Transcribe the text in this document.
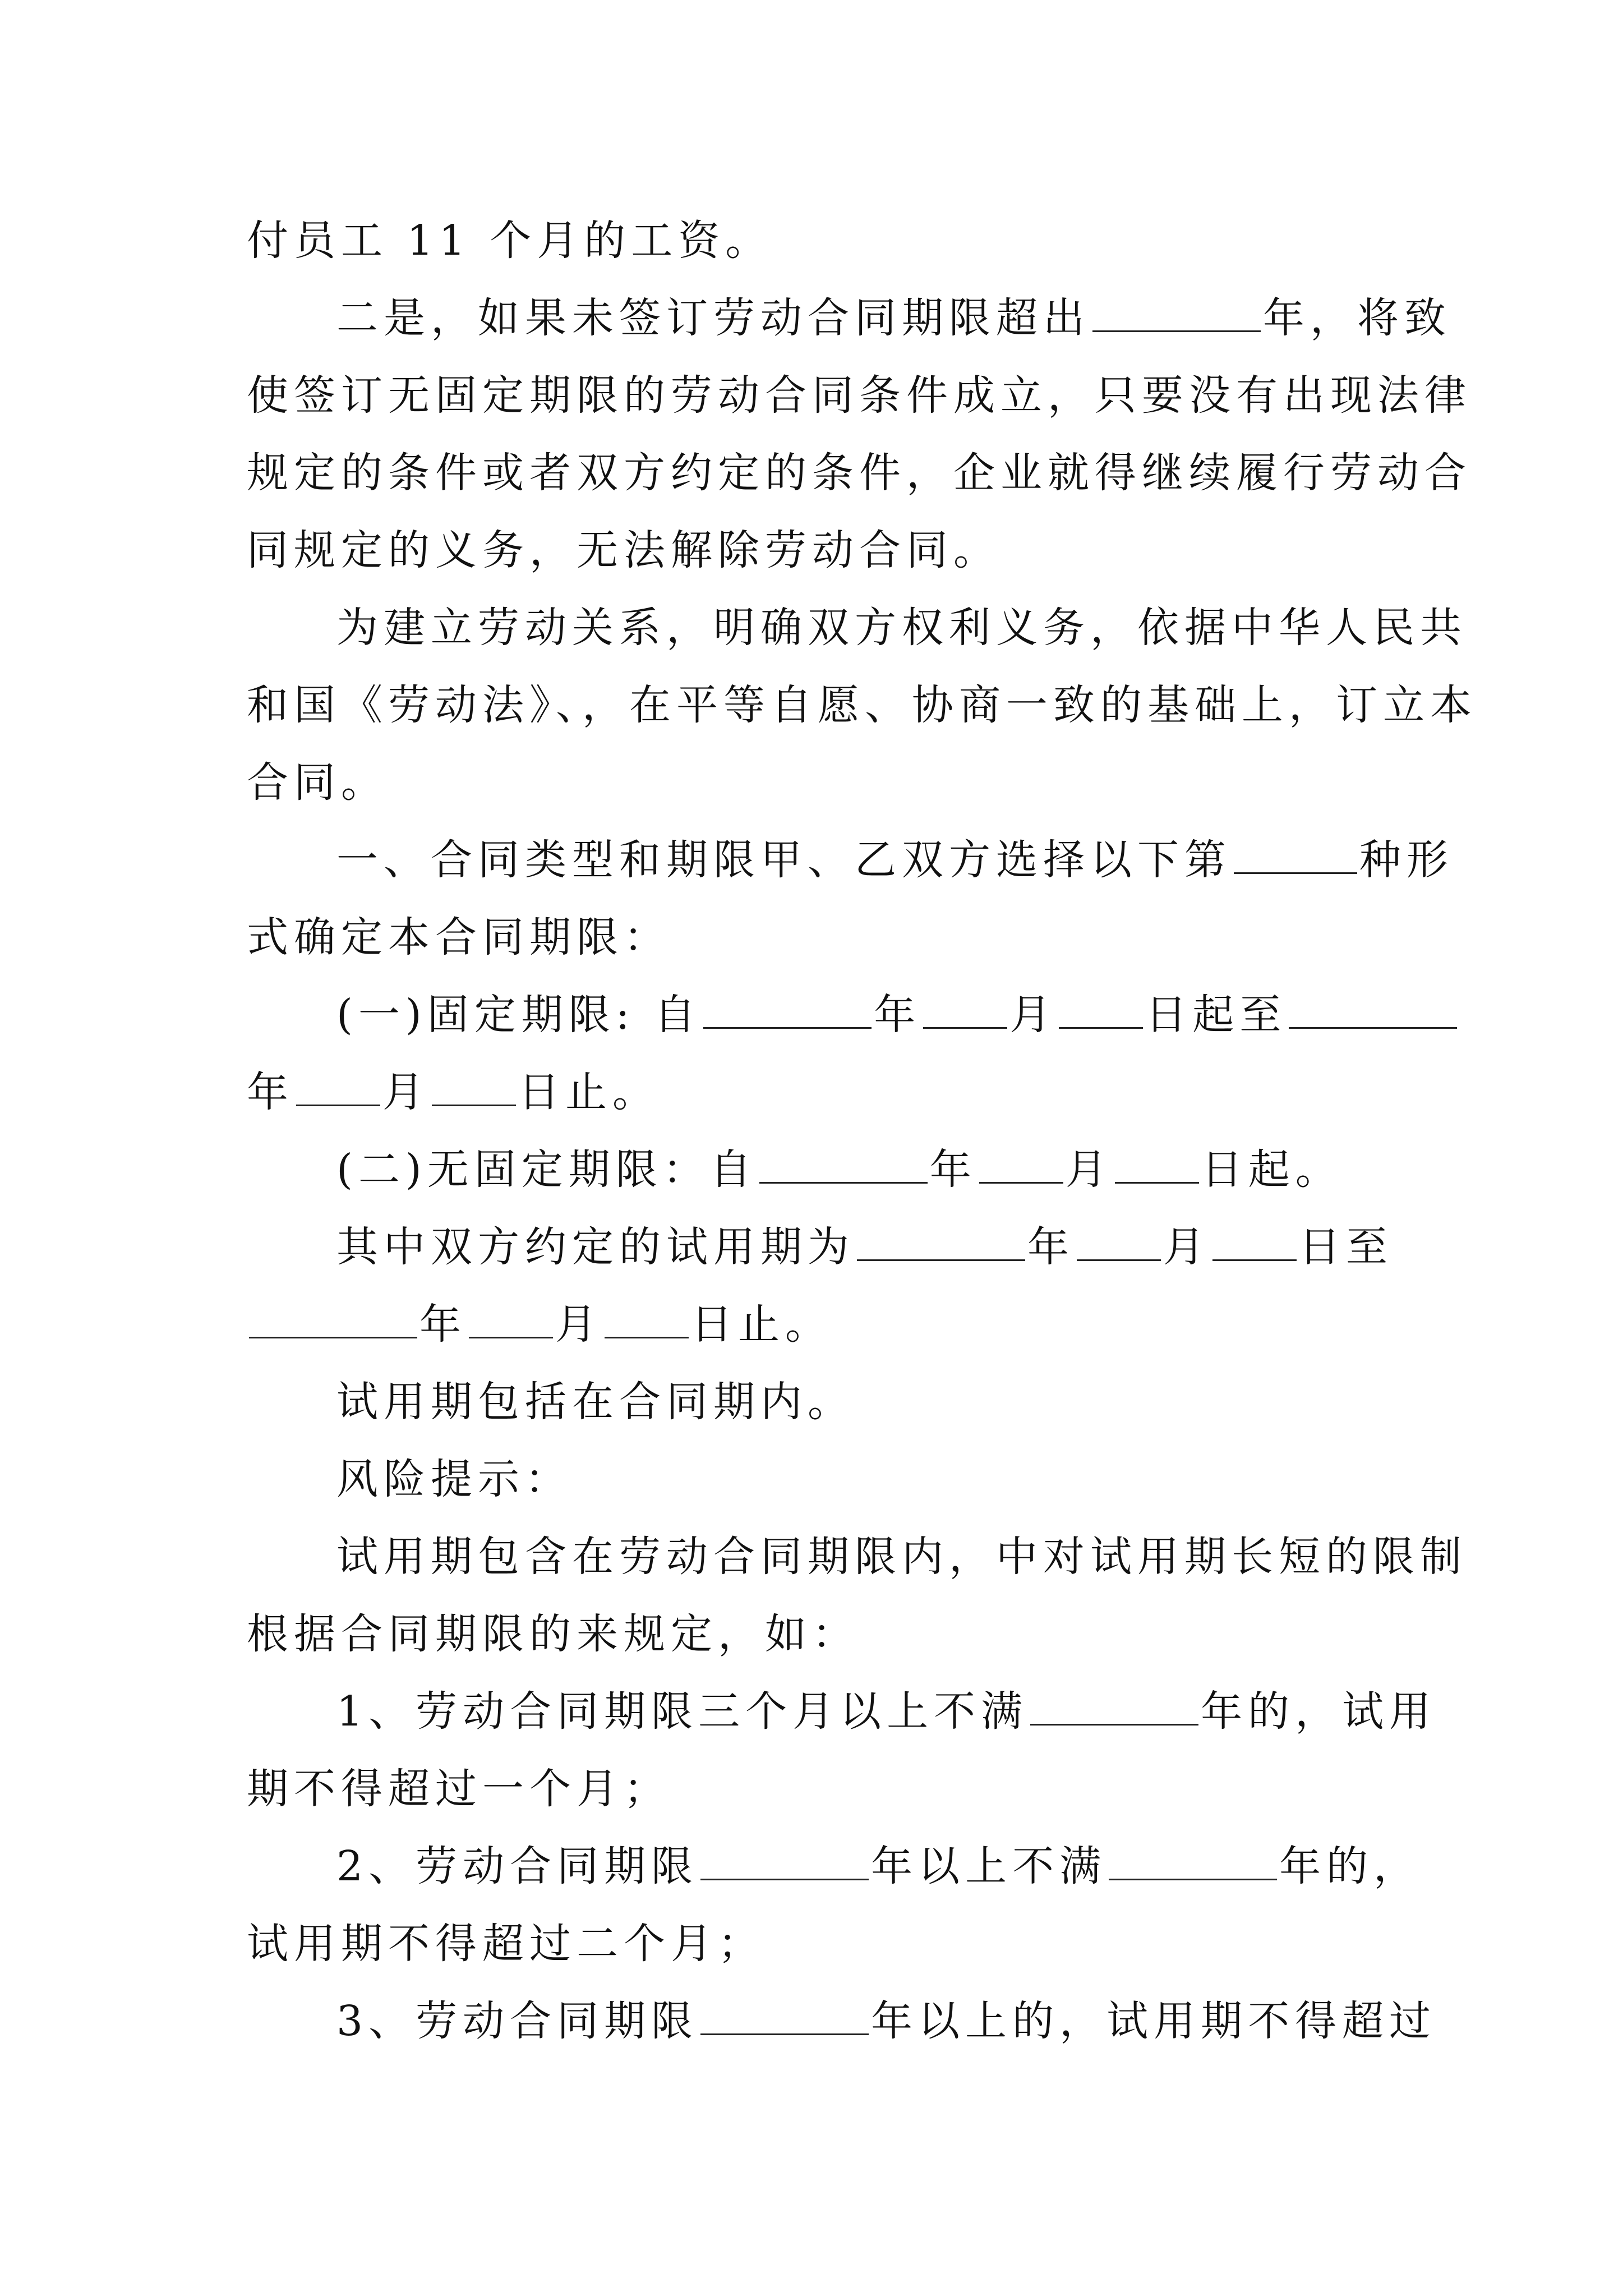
付员工 11 个月的工资。
二是，如果未签订劳动合同期限超出	年，将致
使签订无固定期限的劳动合同条件成立，只要没有出现法律
规定的条件或者双方约定的条件，企业就得继续履行劳动合
同规定的义务，无法解除劳动合同。
为建立劳动关系，明确双方权利义务，依据中华人民共
和国《劳动法》、，在平等自愿、协商一致的基础上，订立本
合同。
一、合同类型和期限甲、乙双方选择以下第	种形
式确定本合同期限：
(一)固定期限: 自	年 月 日起至
年 月 日止。
(二)无固定期限：自	年 月 日起。
其中双方约定的试用期为	年 月 日至
年 月 日止。
试用期包括在合同期内。
风险提示：
试用期包含在劳动合同期限内，中对试用期长短的限制
根据合同期限的来规定，如：
1、劳动合同期限三个月以上不满	年的，试用
期不得超过一个月；
2、劳动合同期限	年以上不满	年的，
试用期不得超过二个月；
3、劳动合同期限	年以上的，试用期不得超过
